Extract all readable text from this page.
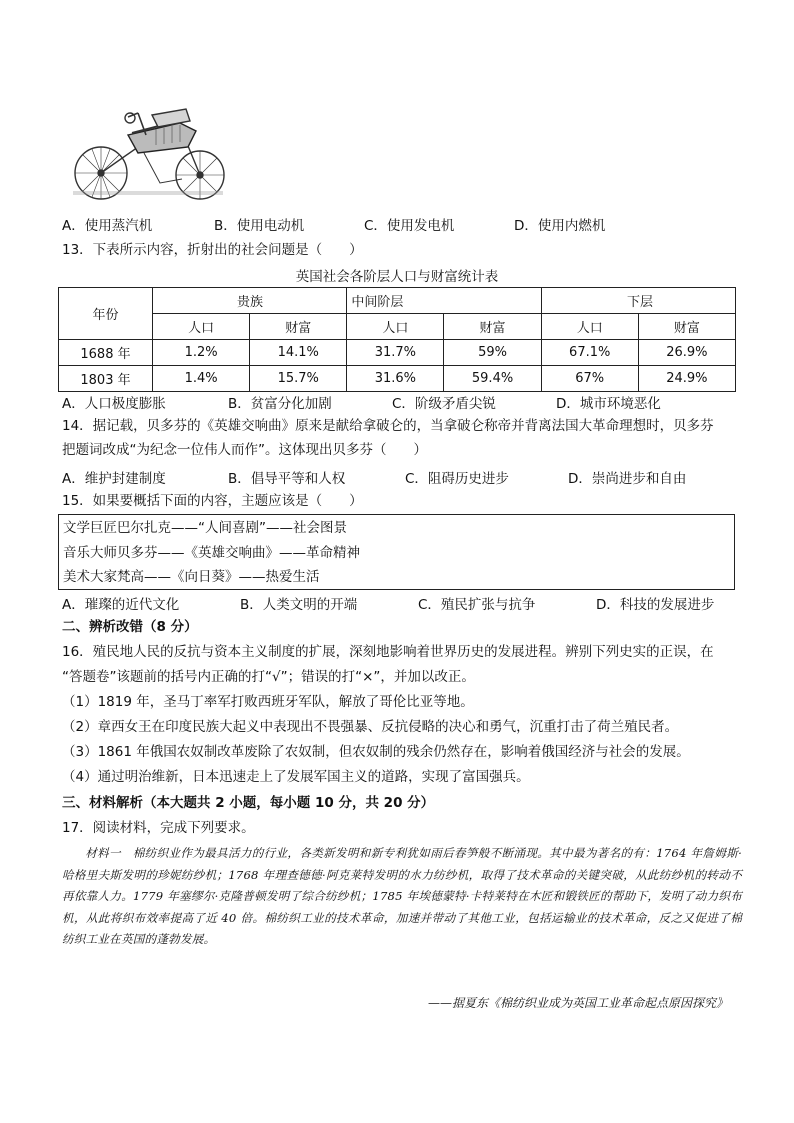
A．使用蒸汽机	B．使用电动机	C．使用发电机	D．使用内燃机
13．下表所示内容，折射出的社会问题是（　　）
英国社会各阶层人口与财富统计表
年份	贵族		中间阶层		下层	
	人口	财富	人口	财富	人口	财富
1688 年	1.2%	14.1%	31.7%	59%	67.1%	26.9%
1803 年	1.4%	15.7%	31.6%	59.4%	67%	24.9%
A．人口极度膨胀	B．贫富分化加剧	C．阶级矛盾尖锐	D．城市环境恶化
14．据记载，贝多芬的《英雄交响曲》原来是献给拿破仑的，当拿破仑称帝并背离法国大革命理想时，贝多芬
把题词改成“为纪念一位伟人而作”。这体现出贝多芬（　　）
A．维护封建制度	B．倡导平等和人权	C．阻碍历史进步	D．崇尚进步和自由
15．如果要概括下面的内容，主题应该是（　　）
文学巨匠巴尔扎克——“人间喜剧”——社会图景
音乐大师贝多芬——《英雄交响曲》——革命精神
美术大家梵高——《向日葵》——热爱生活
A．璀璨的近代文化	B．人类文明的开端	C．殖民扩张与抗争	D．科技的发展进步
二、辨析改错（8 分）
16．殖民地人民的反抗与资本主义制度的扩展，深刻地影响着世界历史的发展进程。辨别下列史实的正误，在
“答题卷”该题前的括号内正确的打“√”；错误的打“×”，并加以改正。
（1）1819 年，圣马丁率军打败西班牙军队，解放了哥伦比亚等地。
（2）章西女王在印度民族大起义中表现出不畏强暴、反抗侵略的决心和勇气，沉重打击了荷兰殖民者。
（3）1861 年俄国农奴制改革废除了农奴制，但农奴制的残余仍然存在，影响着俄国经济与社会的发展。
（4）通过明治维新，日本迅速走上了发展军国主义的道路，实现了富国强兵。
三、材料解析（本大题共 2 小题，每小题 10 分，共 20 分）
17．阅读材料，完成下列要求。

材料一　棉纺织业作为最具活力的行业，各类新发明和新专利犹如雨后春笋般不断涌现。其中最为著名的有：1764 年詹姆斯·哈格里夫斯发明的珍妮纺纱机；1768 年理查德德·阿克莱特发明的水力纺纱机，取得了技术革命的关键突破，从此纺纱机的转动不再依靠人力。1779 年塞缪尔·克隆普顿发明了综合纺纱机；1785 年埃德蒙特·卡特莱特在木匠和锻铁匠的帮助下，发明了动力织布机，从此将织布效率提高了近 40 倍。棉纺织工业的技术革命，加速并带动了其他工业，包括运输业的技术革命，反之又促进了棉纺织工业在英国的蓬勃发展。

——据夏东《棉纺织业成为英国工业革命起点原因探究》
